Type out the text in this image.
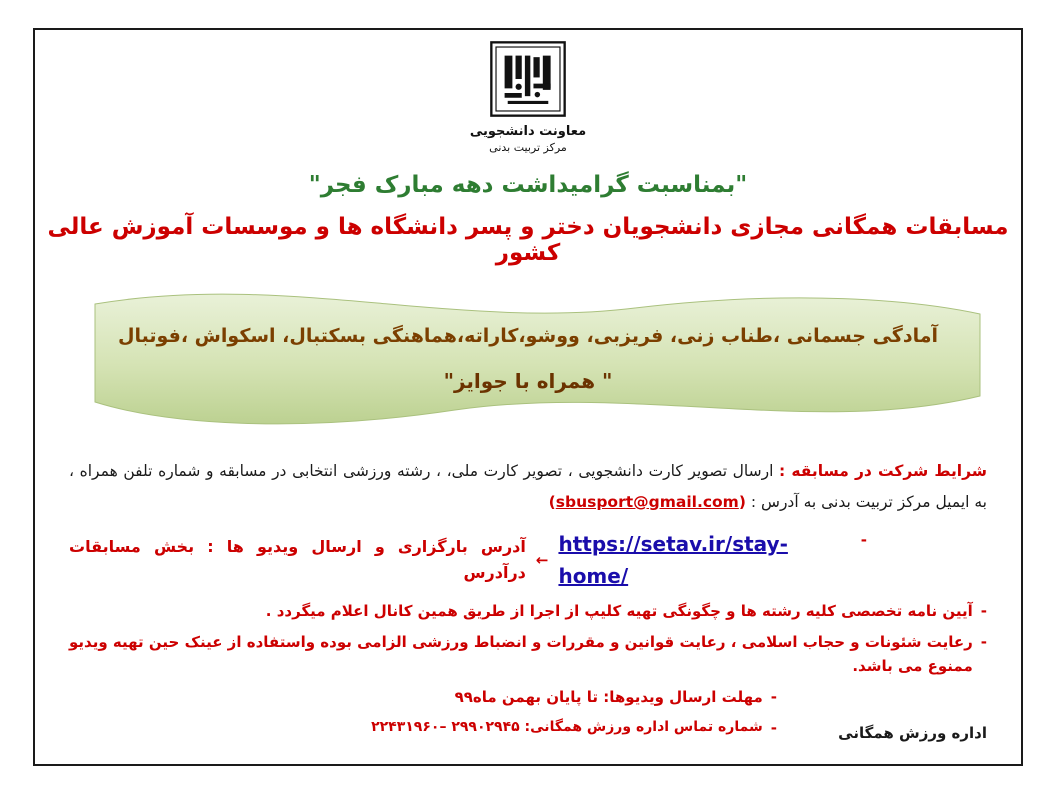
معاونت دانشجویی
مرکز تربیت بدنی
"بمناسبت گرامیداشت دهه مبارک فجر"
مسابقات همگانی مجازی دانشجویان دختر و پسر دانشگاه ها و موسسات آموزش عالی کشور
آمادگی جسمانی ،طناب زنی، فریزبی، ووشو،کاراته،هماهنگی بسکتبال، اسکواش ،فوتبال
" همراه با جوایز"
شرایط شرکت در مسابقه : ارسال تصویر کارت دانشجویی ، تصویر کارت ملی، ، رشته ورزشی انتخابی در مسابقه و شماره تلفن همراه ، به ایمیل مرکز تربیت بدنی به آدرس : (sbusport@gmail.com)
-
https://setav.ir/stay-home/
←
آدرس بارگزاری و ارسال ویدیو ها : بخش مسابقات درآدرس
-
آیین نامه تخصصی کلیه رشته ها و چگونگی تهیه کلیپ از اجرا از طریق همین کانال اعلام میگردد .
-
رعایت شئونات و حجاب اسلامی ، رعایت قوانین و مقررات و انضباط ورزشی الزامی بوده واستفاده از عینک حین تهیه ویدیو ممنوع می باشد.
-
مهلت ارسال ویدیوها: تا پایان بهمن ماه۹۹
-
شماره تماس اداره ورزش همگانی: ۲۹۹۰۲۹۴۵ –۲۲۴۳۱۹۶۰	اداره ورزش همگانی
